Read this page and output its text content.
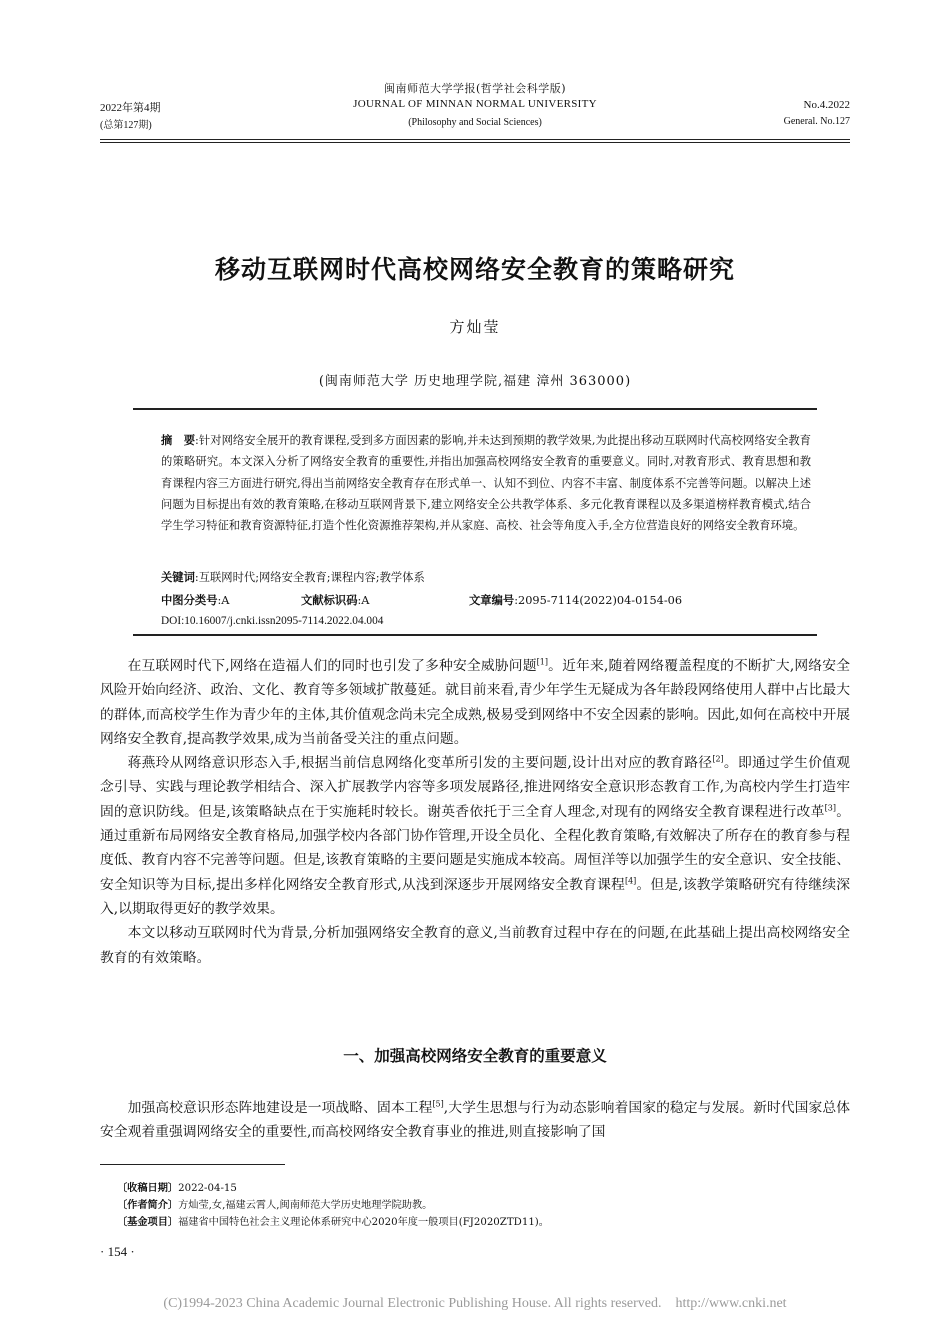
闽南师范大学学报(哲学社会科学版)
JOURNAL OF MINNAN NORMAL UNIVERSITY
(Philosophy and Social Sciences)
2022年第4期
(总第127期)
No.4.2022
General. No.127
移动互联网时代高校网络安全教育的策略研究
方灿莹
(闽南师范大学 历史地理学院,福建 漳州 363000)
摘　要:针对网络安全展开的教育课程,受到多方面因素的影响,并未达到预期的教学效果,为此提出移动互联网时代高校网络安全教育的策略研究。本文深入分析了网络安全教育的重要性,并指出加强高校网络安全教育的重要意义。同时,对教育形式、教育思想和教育课程内容三方面进行研究,得出当前网络安全教育存在形式单一、认知不到位、内容不丰富、制度体系不完善等问题。以解决上述问题为目标提出有效的教育策略,在移动互联网背景下,建立网络安全公共教学体系、多元化教育课程以及多渠道榜样教育模式,结合学生学习特征和教育资源特征,打造个性化资源推荐架构,并从家庭、高校、社会等角度入手,全方位营造良好的网络安全教育环境。
关键词:互联网时代;网络安全教育;课程内容;教学体系
中图分类号:A	文献标识码:A	文章编号:2095-7114(2022)04-0154-06
DOI:10.16007/j.cnki.issn2095-7114.2022.04.004

在互联网时代下,网络在造福人们的同时也引发了多种安全威胁问题[1]。近年来,随着网络覆盖程度的不断扩大,网络安全风险开始向经济、政治、文化、教育等多领域扩散蔓延。就目前来看,青少年学生无疑成为各年龄段网络使用人群中占比最大的群体,而高校学生作为青少年的主体,其价值观念尚未完全成熟,极易受到网络中不安全因素的影响。因此,如何在高校中开展网络安全教育,提高教学效果,成为当前备受关注的重点问题。

蒋燕玲从网络意识形态入手,根据当前信息网络化变革所引发的主要问题,设计出对应的教育路径[2]。即通过学生价值观念引导、实践与理论教学相结合、深入扩展教学内容等多项发展路径,推进网络安全意识形态教育工作,为高校内学生打造牢固的意识防线。但是,该策略缺点在于实施耗时较长。谢英香依托于三全育人理念,对现有的网络安全教育课程进行改革[3]。通过重新布局网络安全教育格局,加强学校内各部门协作管理,开设全员化、全程化教育策略,有效解决了所存在的教育参与程度低、教育内容不完善等问题。但是,该教育策略的主要问题是实施成本较高。周恒洋等以加强学生的安全意识、安全技能、安全知识等为目标,提出多样化网络安全教育形式,从浅到深逐步开展网络安全教育课程[4]。但是,该教学策略研究有待继续深入,以期取得更好的教学效果。

本文以移动互联网时代为背景,分析加强网络安全教育的意义,当前教育过程中存在的问题,在此基础上提出高校网络安全教育的有效策略。

一、加强高校网络安全教育的重要意义

加强高校意识形态阵地建设是一项战略、固本工程[5],大学生思想与行为动态影响着国家的稳定与发展。新时代国家总体安全观着重强调网络安全的重要性,而高校网络安全教育事业的推进,则直接影响了国

〔收稿日期〕2022-04-15
〔作者简介〕方灿莹,女,福建云霄人,闽南师范大学历史地理学院助教。
〔基金项目〕福建省中国特色社会主义理论体系研究中心2020年度一般项目(FJ2020ZTD11)。
· 154 ·
(C)1994-2023 China Academic Journal Electronic Publishing House. All rights reserved.    http://www.cnki.net
